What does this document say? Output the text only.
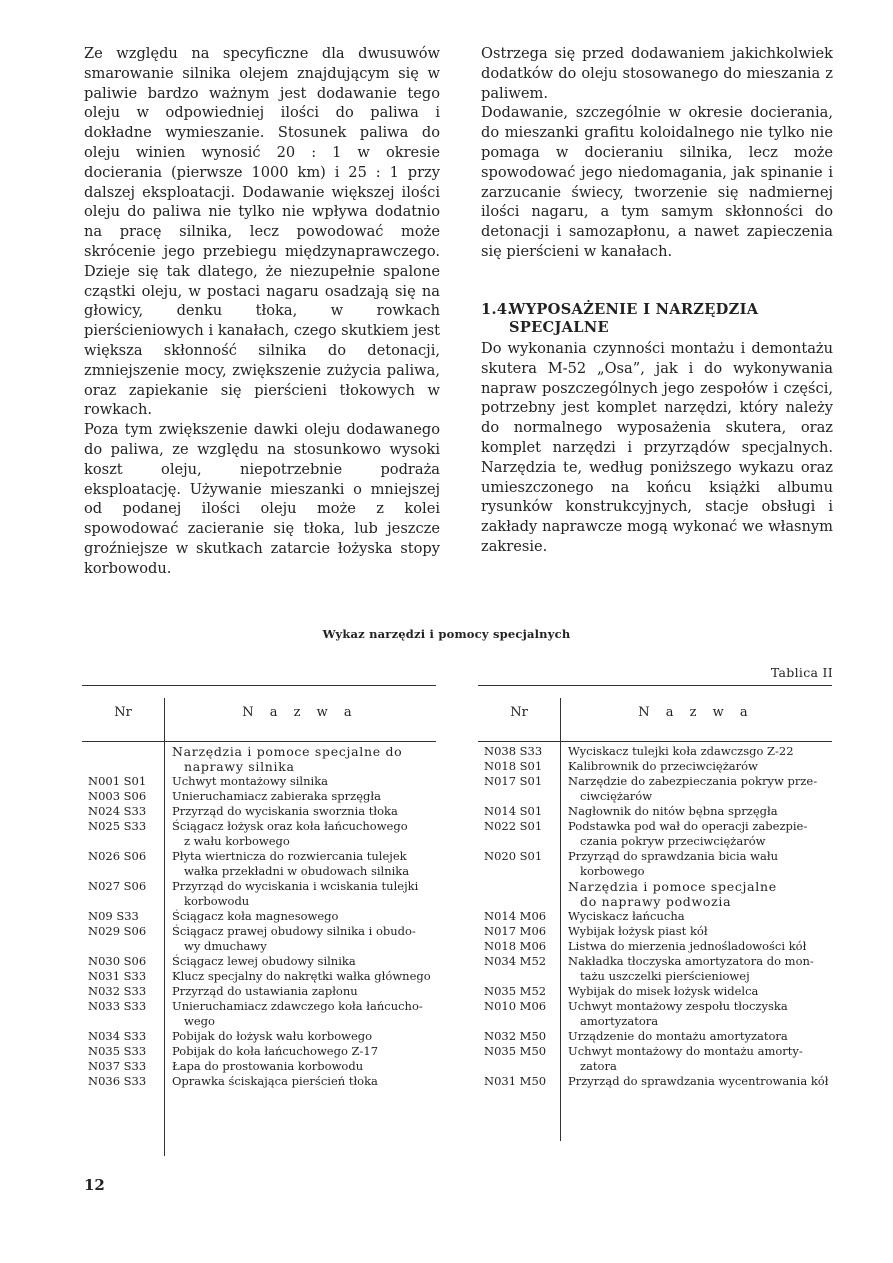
Ze względu na specyficzne dla dwusuwów smarowanie silnika olejem znajdującym się w paliwie bardzo ważnym jest dodawanie tego oleju w odpowiedniej ilości do paliwa i dokładne wymieszanie. Stosunek paliwa do oleju winien wynosić 20 : 1 w okresie docierania (pierwsze 1000 km) i 25 : 1 przy dalszej eksploatacji. Dodawanie większej ilości oleju do paliwa nie tylko nie wpływa dodatnio na pracę silnika, lecz powodować może skrócenie jego przebiegu międzynaprawczego. Dzieje się tak dlatego, że niezupełnie spalone cząstki oleju, w postaci nagaru osadzają się na głowicy, denku tłoka, w rowkach pierścieniowych i kanałach, czego skutkiem jest większa skłonność silnika do detonacji, zmniejszenie mocy, zwiększenie zużycia paliwa, oraz zapiekanie się pierścieni tłokowych w rowkach.

Poza tym zwiększenie dawki oleju dodawanego do paliwa, ze względu na stosunkowo wysoki koszt oleju, niepotrzebnie podraża eksploatację. Używanie mieszanki o mniejszej od podanej ilości oleju może z kolei spowodować zacieranie się tłoka, lub jeszcze groźniejsze w skutkach zatarcie łożyska stopy korbowodu.

Ostrzega się przed dodawaniem jakichkolwiek dodatków do oleju stosowanego do mieszania z paliwem.

Dodawanie, szczególnie w okresie docierania, do mieszanki grafitu koloidalnego nie tylko nie pomaga w docieraniu silnika, lecz może spowodować jego niedomagania, jak spinanie i zarzucanie świecy, tworzenie się nadmiernej ilości nagaru, a tym samym skłonności do detonacji i samozapłonu, a nawet zapieczenia się pierścieni w kanałach.

1.4.WYPOSAŻENIE I NARZĘDZIA
SPECJALNE
Do wykonania czynności montażu i demontażu skutera M-52 „Osa”, jak i do wykonywania napraw poszczególnych jego zespołów i części, potrzebny jest komplet narzędzi, który należy do normalnego wyposażenia skutera, oraz komplet narzędzi i przyrządów specjalnych. Narzędzia te, według poniższego wykazu oraz umieszczonego na końcu książki albumu rysunków konstrukcyjnych, stacje obsługi i zakłady naprawcze mogą wykonać we własnym zakresie.
Wykaz narzędzi i pomocy specjalnych
Tablica II
Nr	N a z w a
Narzędzia i pomoce specjalne do
naprawy silnika
N001 S01	Uchwyt montażowy silnika
N003 S06	Unieruchamiacz zabieraka sprzęgła
N024 S33	Przyrząd do wyciskania sworznia tłoka
N025 S33	Ściągacz łożysk oraz koła łańcuchowego
z wału korbowego
N026 S06	Płyta wiertnicza do rozwiercania tulejek
wałka przekładni w obudowach silnika
N027 S06	Przyrząd do wyciskania i wciskania tulejki
korbowodu
N09 S33	Ściągacz koła magnesowego
N029 S06	Ściągacz prawej obudowy silnika i obudo-
wy dmuchawy
N030 S06	Ściągacz lewej obudowy silnika
N031 S33	Klucz specjalny do nakrętki wałka głównego
N032 S33	Przyrząd do ustawiania zapłonu
N033 S33	Unieruchamiacz zdawczego koła łańcucho-
wego
N034 S33	Pobijak do łożysk wału korbowego
N035 S33	Pobijak do koła łańcuchowego Z-17
N037 S33	Łapa do prostowania korbowodu
N036 S33	Oprawka ściskająca pierścień tłoka
Nr	N a z w a
N038 S33	Wyciskacz tulejki koła zdawczsgo Z-22
N018 S01	Kalibrownik do przeciwciężarów
N017 S01	Narzędzie do zabezpieczania pokryw prze-
ciwciężarów
N014 S01	Nagłownik do nitów bębna sprzęgła
N022 S01	Podstawka pod wał do operacji zabezpie-
czania pokryw przeciwciężarów
N020 S01	Przyrząd do sprawdzania bicia wału
korbowego
Narzędzia i pomoce specjalne
do naprawy podwozia
N014 M06	Wyciskacz łańcucha
N017 M06	Wybijak łożysk piast kół
N018 M06	Listwa do mierzenia jednośladowości kół
N034 M52	Nakładka tłoczyska amortyzatora do mon-
tażu uszczelki pierścieniowej
N035 M52	Wybijak do misek łożysk widelca
N010 M06	Uchwyt montażowy zespołu tłoczyska
amortyzatora
N032 M50	Urządzenie do montażu amortyzatora
N035 M50	Uchwyt montażowy do montażu amorty-
zatora
N031 M50	Przyrząd do sprawdzania wycentrowania kół
12
